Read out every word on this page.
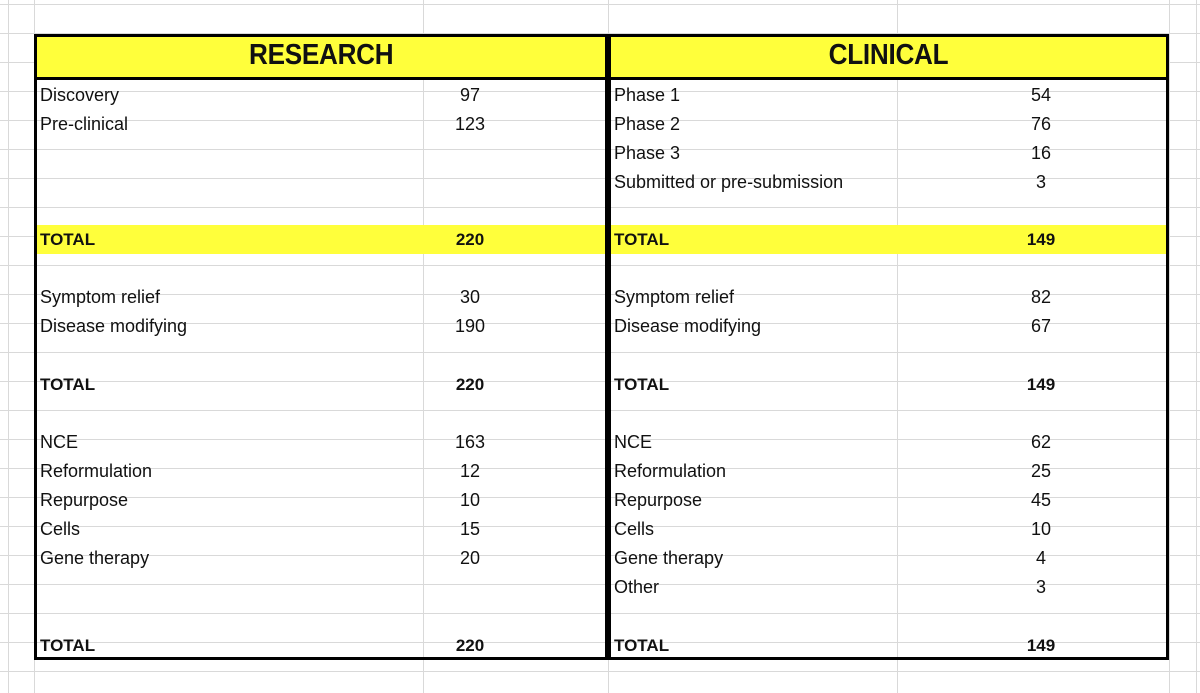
RESEARCH
Discovery	97
Pre-clinical	123
TOTAL	220
Symptom relief	30
Disease modifying	190
TOTAL	220
NCE	163
Reformulation	12
Repurpose	10
Cells	15
Gene therapy	20
TOTAL	220
CLINICAL
Phase 1	54
Phase 2	76
Phase 3	16
Submitted or pre-submission	3
TOTAL	149
Symptom relief	82
Disease modifying	67
TOTAL	149
NCE	62
Reformulation	25
Repurpose	45
Cells	10
Gene therapy	4
Other	3
TOTAL	149
